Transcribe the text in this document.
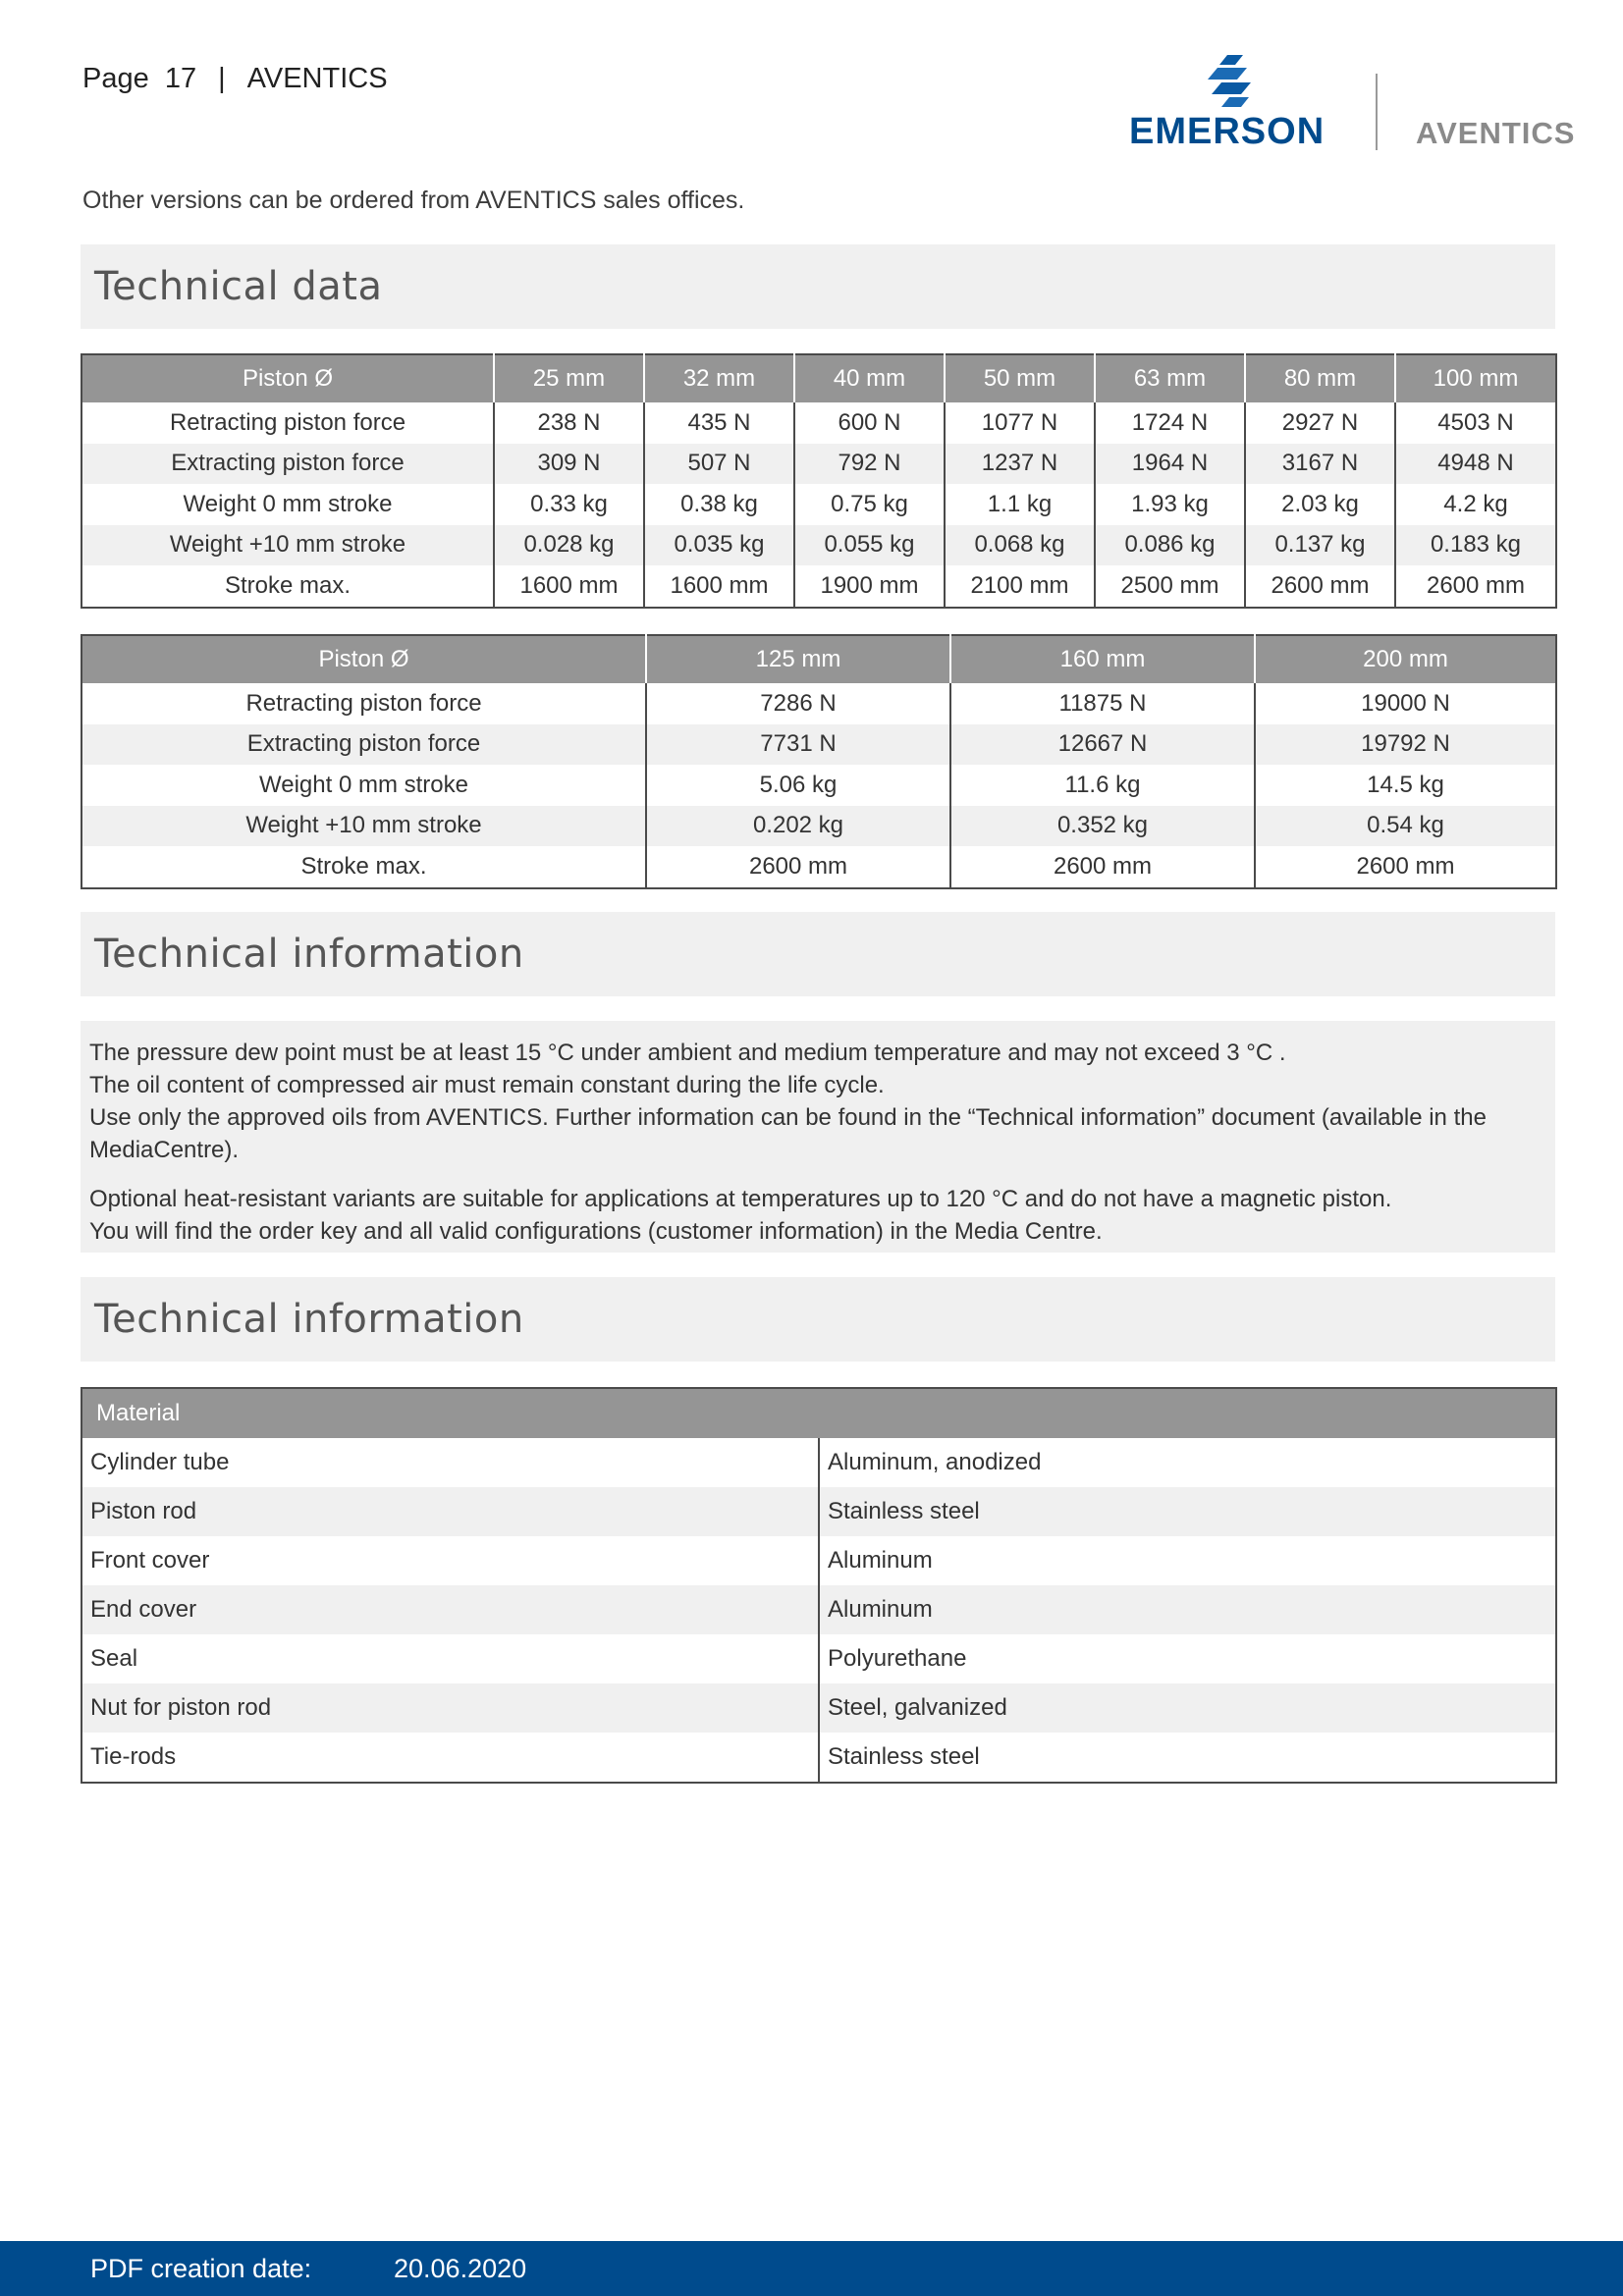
Page 17 | AVENTICS
EMERSON	AVENTICS
Other versions can be ordered from AVENTICS sales offices.
Technical data
Piston Ø	25 mm	32 mm	40 mm	50 mm	63 mm	80 mm	100 mm
Retracting piston force	238 N	435 N	600 N	1077 N	1724 N	2927 N	4503 N
Extracting piston force	309 N	507 N	792 N	1237 N	1964 N	3167 N	4948 N
Weight 0 mm stroke	0.33 kg	0.38 kg	0.75 kg	1.1 kg	1.93 kg	2.03 kg	4.2 kg
Weight +10 mm stroke	0.028 kg	0.035 kg	0.055 kg	0.068 kg	0.086 kg	0.137 kg	0.183 kg
Stroke max.	1600 mm	1600 mm	1900 mm	2100 mm	2500 mm	2600 mm	2600 mm
Piston Ø	125 mm	160 mm	200 mm
Retracting piston force	7286 N	11875 N	19000 N
Extracting piston force	7731 N	12667 N	19792 N
Weight 0 mm stroke	5.06 kg	11.6 kg	14.5 kg
Weight +10 mm stroke	0.202 kg	0.352 kg	0.54 kg
Stroke max.	2600 mm	2600 mm	2600 mm
Technical information

The pressure dew point must be at least 15 °C under ambient and medium temperature and may not exceed 3 °C .

The oil content of compressed air must remain constant during the life cycle.

Use only the approved oils from AVENTICS. Further information can be found in the “Technical information” document (available in the MediaCentre).

Optional heat-resistant variants are suitable for applications at temperatures up to 120 °C and do not have a magnetic piston.

You will find the order key and all valid configurations (customer information) in the Media Centre.

Technical information
Material	
Cylinder tube	Aluminum, anodized
Piston rod	Stainless steel
Front cover	Aluminum
End cover	Aluminum
Seal	Polyurethane
Nut for piston rod	Steel, galvanized
Tie-rods	Stainless steel
PDF creation date:	20.06.2020
